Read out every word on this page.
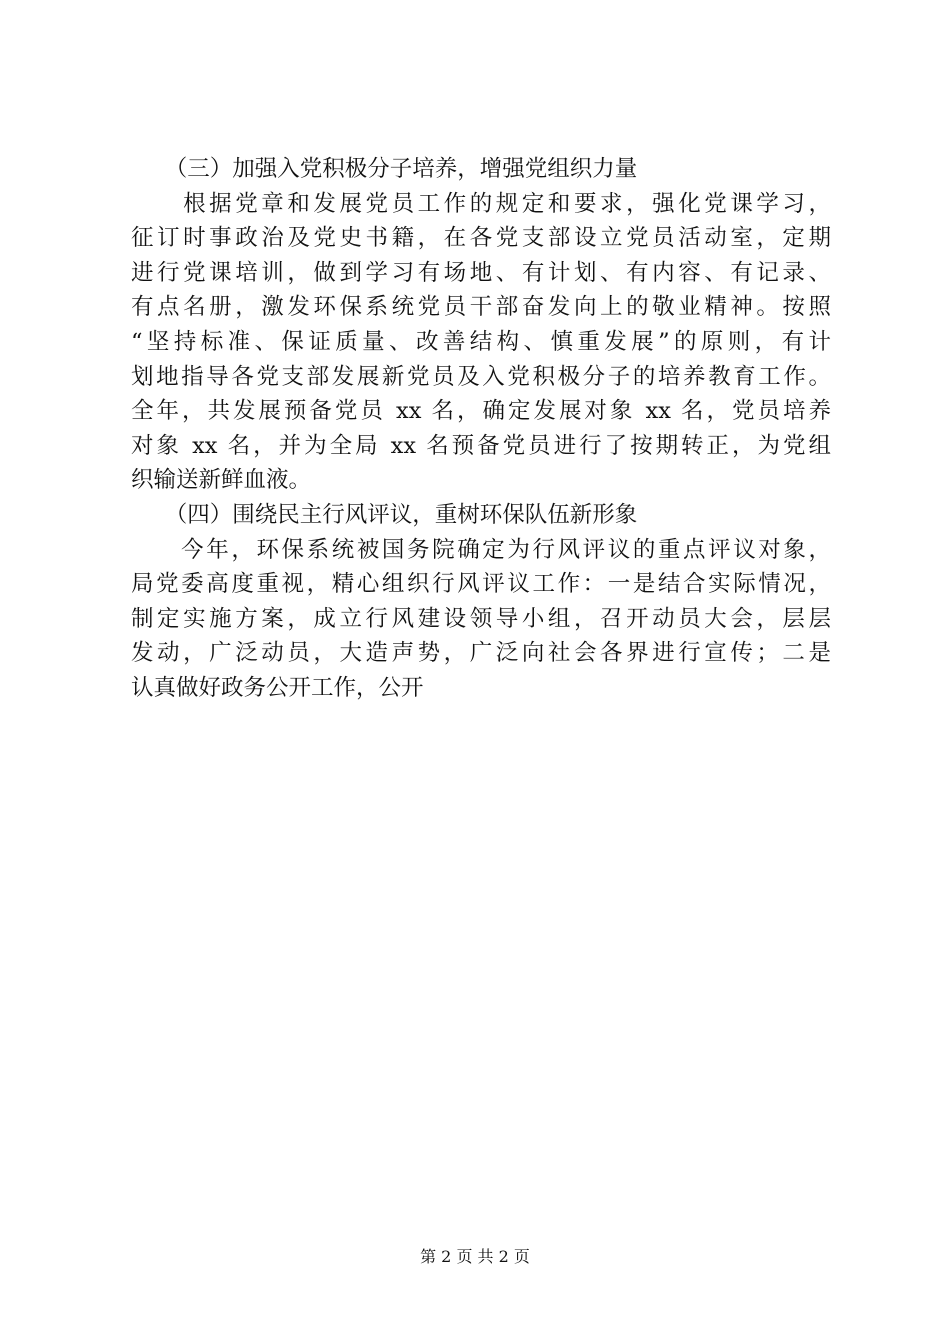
　　（三）加强入党积极分子培养，增强党组织力量
　　根据党章和发展党员工作的规定和要求，强化党课学习，
征订时事政治及党史书籍，在各党支部设立党员活动室，定期
进行党课培训，做到学习有场地、有计划、有内容、有记录、
有点名册，激发环保系统党员干部奋发向上的敬业精神。按照
“坚持标准、保证质量、改善结构、慎重发展”的原则，有计
划地指导各党支部发展新党员及入党积极分子的培养教育工作。
全年，共发展预备党员 xx 名，确定发展对象 xx 名，党员培养
对象 xx 名，并为全局 xx 名预备党员进行了按期转正，为党组
织输送新鲜血液。
　　（四）围绕民主行风评议，重树环保队伍新形象
　　今年，环保系统被国务院确定为行风评议的重点评议对象，
局党委高度重视，精心组织行风评议工作：一是结合实际情况，
制定实施方案，成立行风建设领导小组，召开动员大会，层层
发动，广泛动员，大造声势，广泛向社会各界进行宣传；二是
认真做好政务公开工作，公开
第 2 页 共 2 页
